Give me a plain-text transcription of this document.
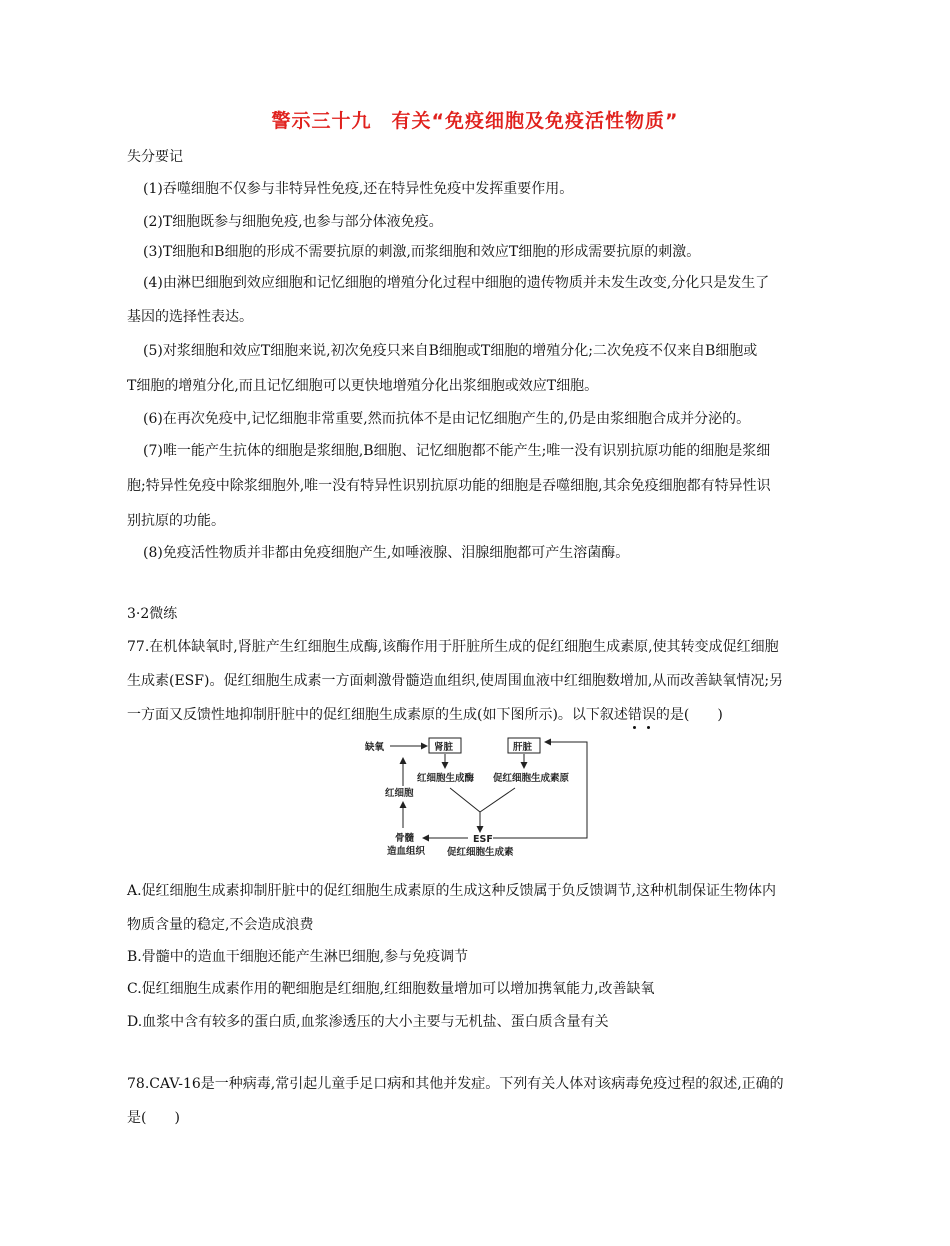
警示三十九　有关“免疫细胞及免疫活性物质”
失分要记
(1)吞噬细胞不仅参与非特异性免疫,还在特异性免疫中发挥重要作用。
(2)T细胞既参与细胞免疫,也参与部分体液免疫。
(3)T细胞和B细胞的形成不需要抗原的刺激,而浆细胞和效应T细胞的形成需要抗原的刺激。
(4)由淋巴细胞到效应细胞和记忆细胞的增殖分化过程中细胞的遗传物质并未发生改变,分化只是发生了
基因的选择性表达。
(5)对浆细胞和效应T细胞来说,初次免疫只来自B细胞或T细胞的增殖分化;二次免疫不仅来自B细胞或
T细胞的增殖分化,而且记忆细胞可以更快地增殖分化出浆细胞或效应T细胞。
(6)在再次免疫中,记忆细胞非常重要,然而抗体不是由记忆细胞产生的,仍是由浆细胞合成并分泌的。
(7)唯一能产生抗体的细胞是浆细胞,B细胞、记忆细胞都不能产生;唯一没有识别抗原功能的细胞是浆细
胞;特异性免疫中除浆细胞外,唯一没有特异性识别抗原功能的细胞是吞噬细胞,其余免疫细胞都有特异性识
别抗原的功能。
(8)免疫活性物质并非都由免疫细胞产生,如唾液腺、泪腺细胞都可产生溶菌酶。
3·2微练
77.在机体缺氧时,肾脏产生红细胞生成酶,该酶作用于肝脏所生成的促红细胞生成素原,使其转变成促红细胞
生成素(ESF)。促红细胞生成素一方面刺激骨髓造血组织,使周围血液中红细胞数增加,从而改善缺氧情况;另
一方面又反馈性地抑制肝脏中的促红细胞生成素原的生成(如下图所示)。以下叙述错误的是(　　)
缺氧	肾脏	肝脏
红细胞生成酶 促红细胞生成素原
ESF
促红细胞生成素
骨髓
造血组织
红细胞
A.促红细胞生成素抑制肝脏中的促红细胞生成素原的生成这种反馈属于负反馈调节,这种机制保证生物体内
物质含量的稳定,不会造成浪费
B.骨髓中的造血干细胞还能产生淋巴细胞,参与免疫调节
C.促红细胞生成素作用的靶细胞是红细胞,红细胞数量增加可以增加携氧能力,改善缺氧
D.血浆中含有较多的蛋白质,血浆渗透压的大小主要与无机盐、蛋白质含量有关
78.CAV-16是一种病毒,常引起儿童手足口病和其他并发症。下列有关人体对该病毒免疫过程的叙述,正确的
是(　　)
